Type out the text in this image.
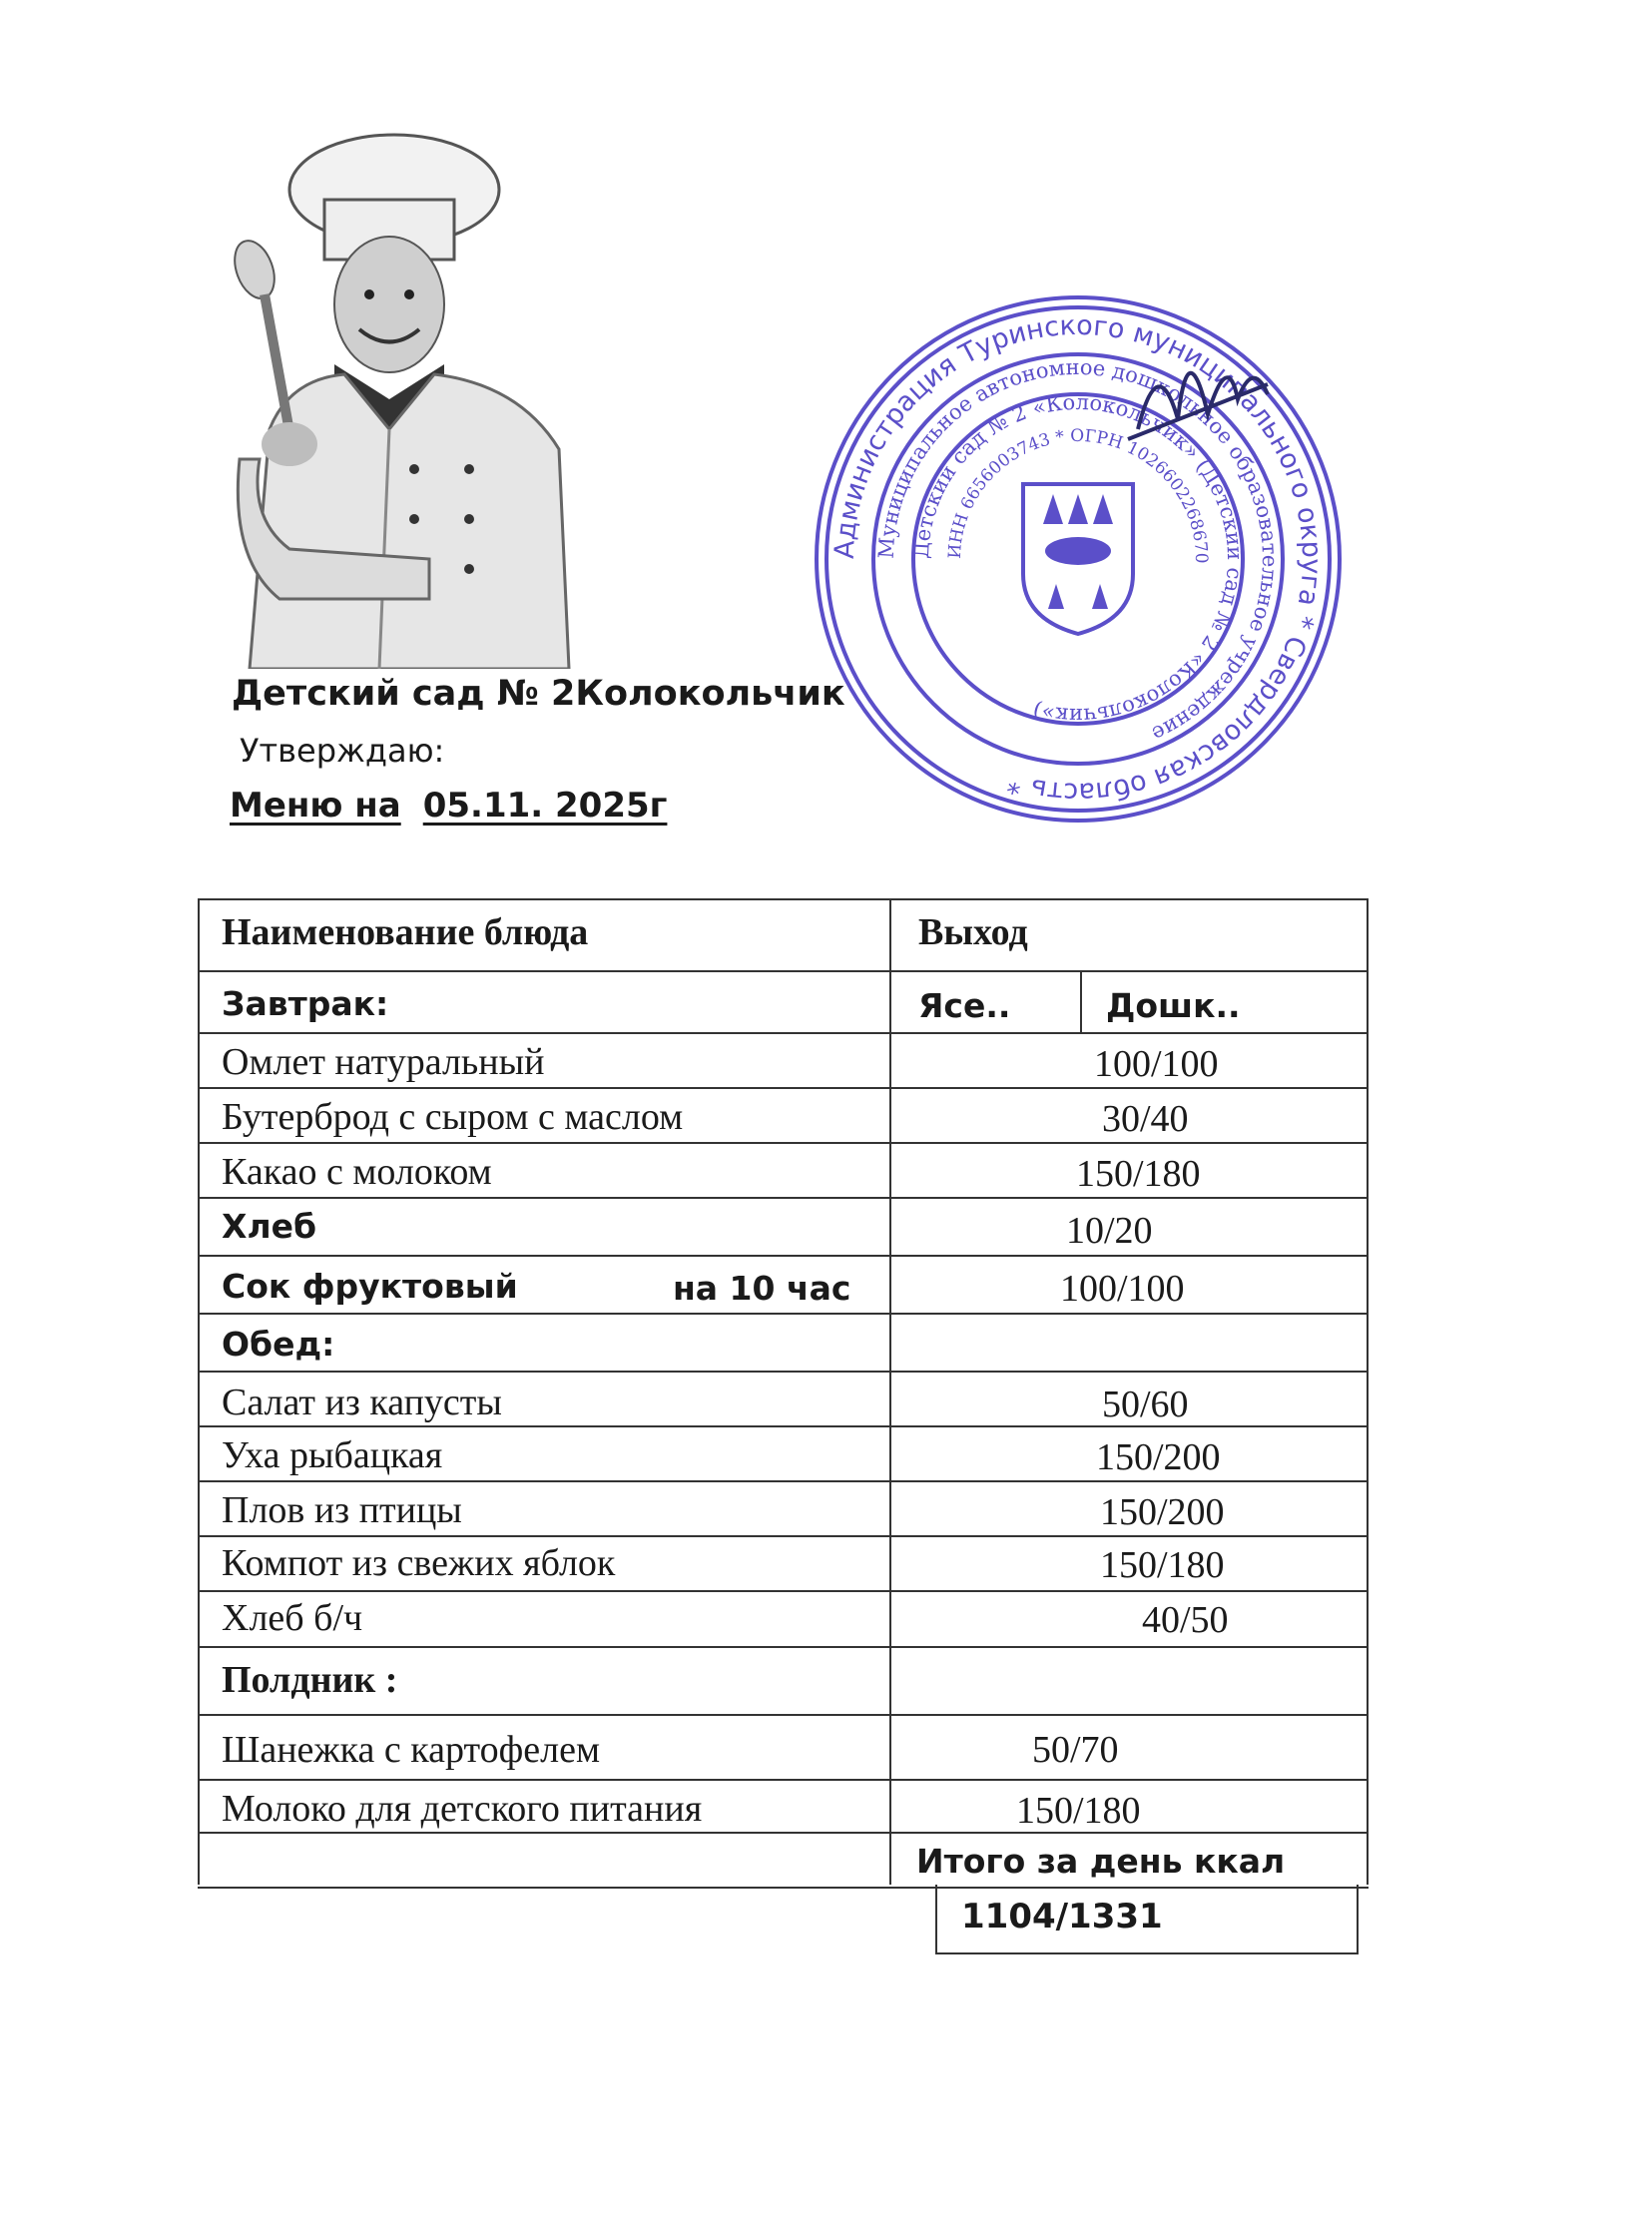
Администрация Туринского муниципального округа * Свердловская область *
Муниципальное автономное дошкольное образовательное учреждение
Детский сад № 2 «Колокольчик» (Детский сад № 2 «Колокольчик»)
ИНН 6656003743 * ОГРН 1026602268670
Детский сад № 2Колокольчик
Утверждаю:
Меню на 05.11. 2025г
Наименование блюда	Выход
Завтрак:	Ясе..	Дошк..
Омлет натуральный	100/100
Бутерброд с сыром с маслом	30/40
Какао с молоком	150/180
Хлеб	10/20
Сок фруктовый	на 10 час	100/100
Обед:
Салат из капусты	50/60
Уха рыбацкая	150/200
Плов из птицы	150/200
Компот из свежих яблок	150/180
Хлеб б/ч	40/50
Полдник :
Шанежка с картофелем	50/70
Молоко для детского питания	150/180
Итого за день ккал
1104/1331
